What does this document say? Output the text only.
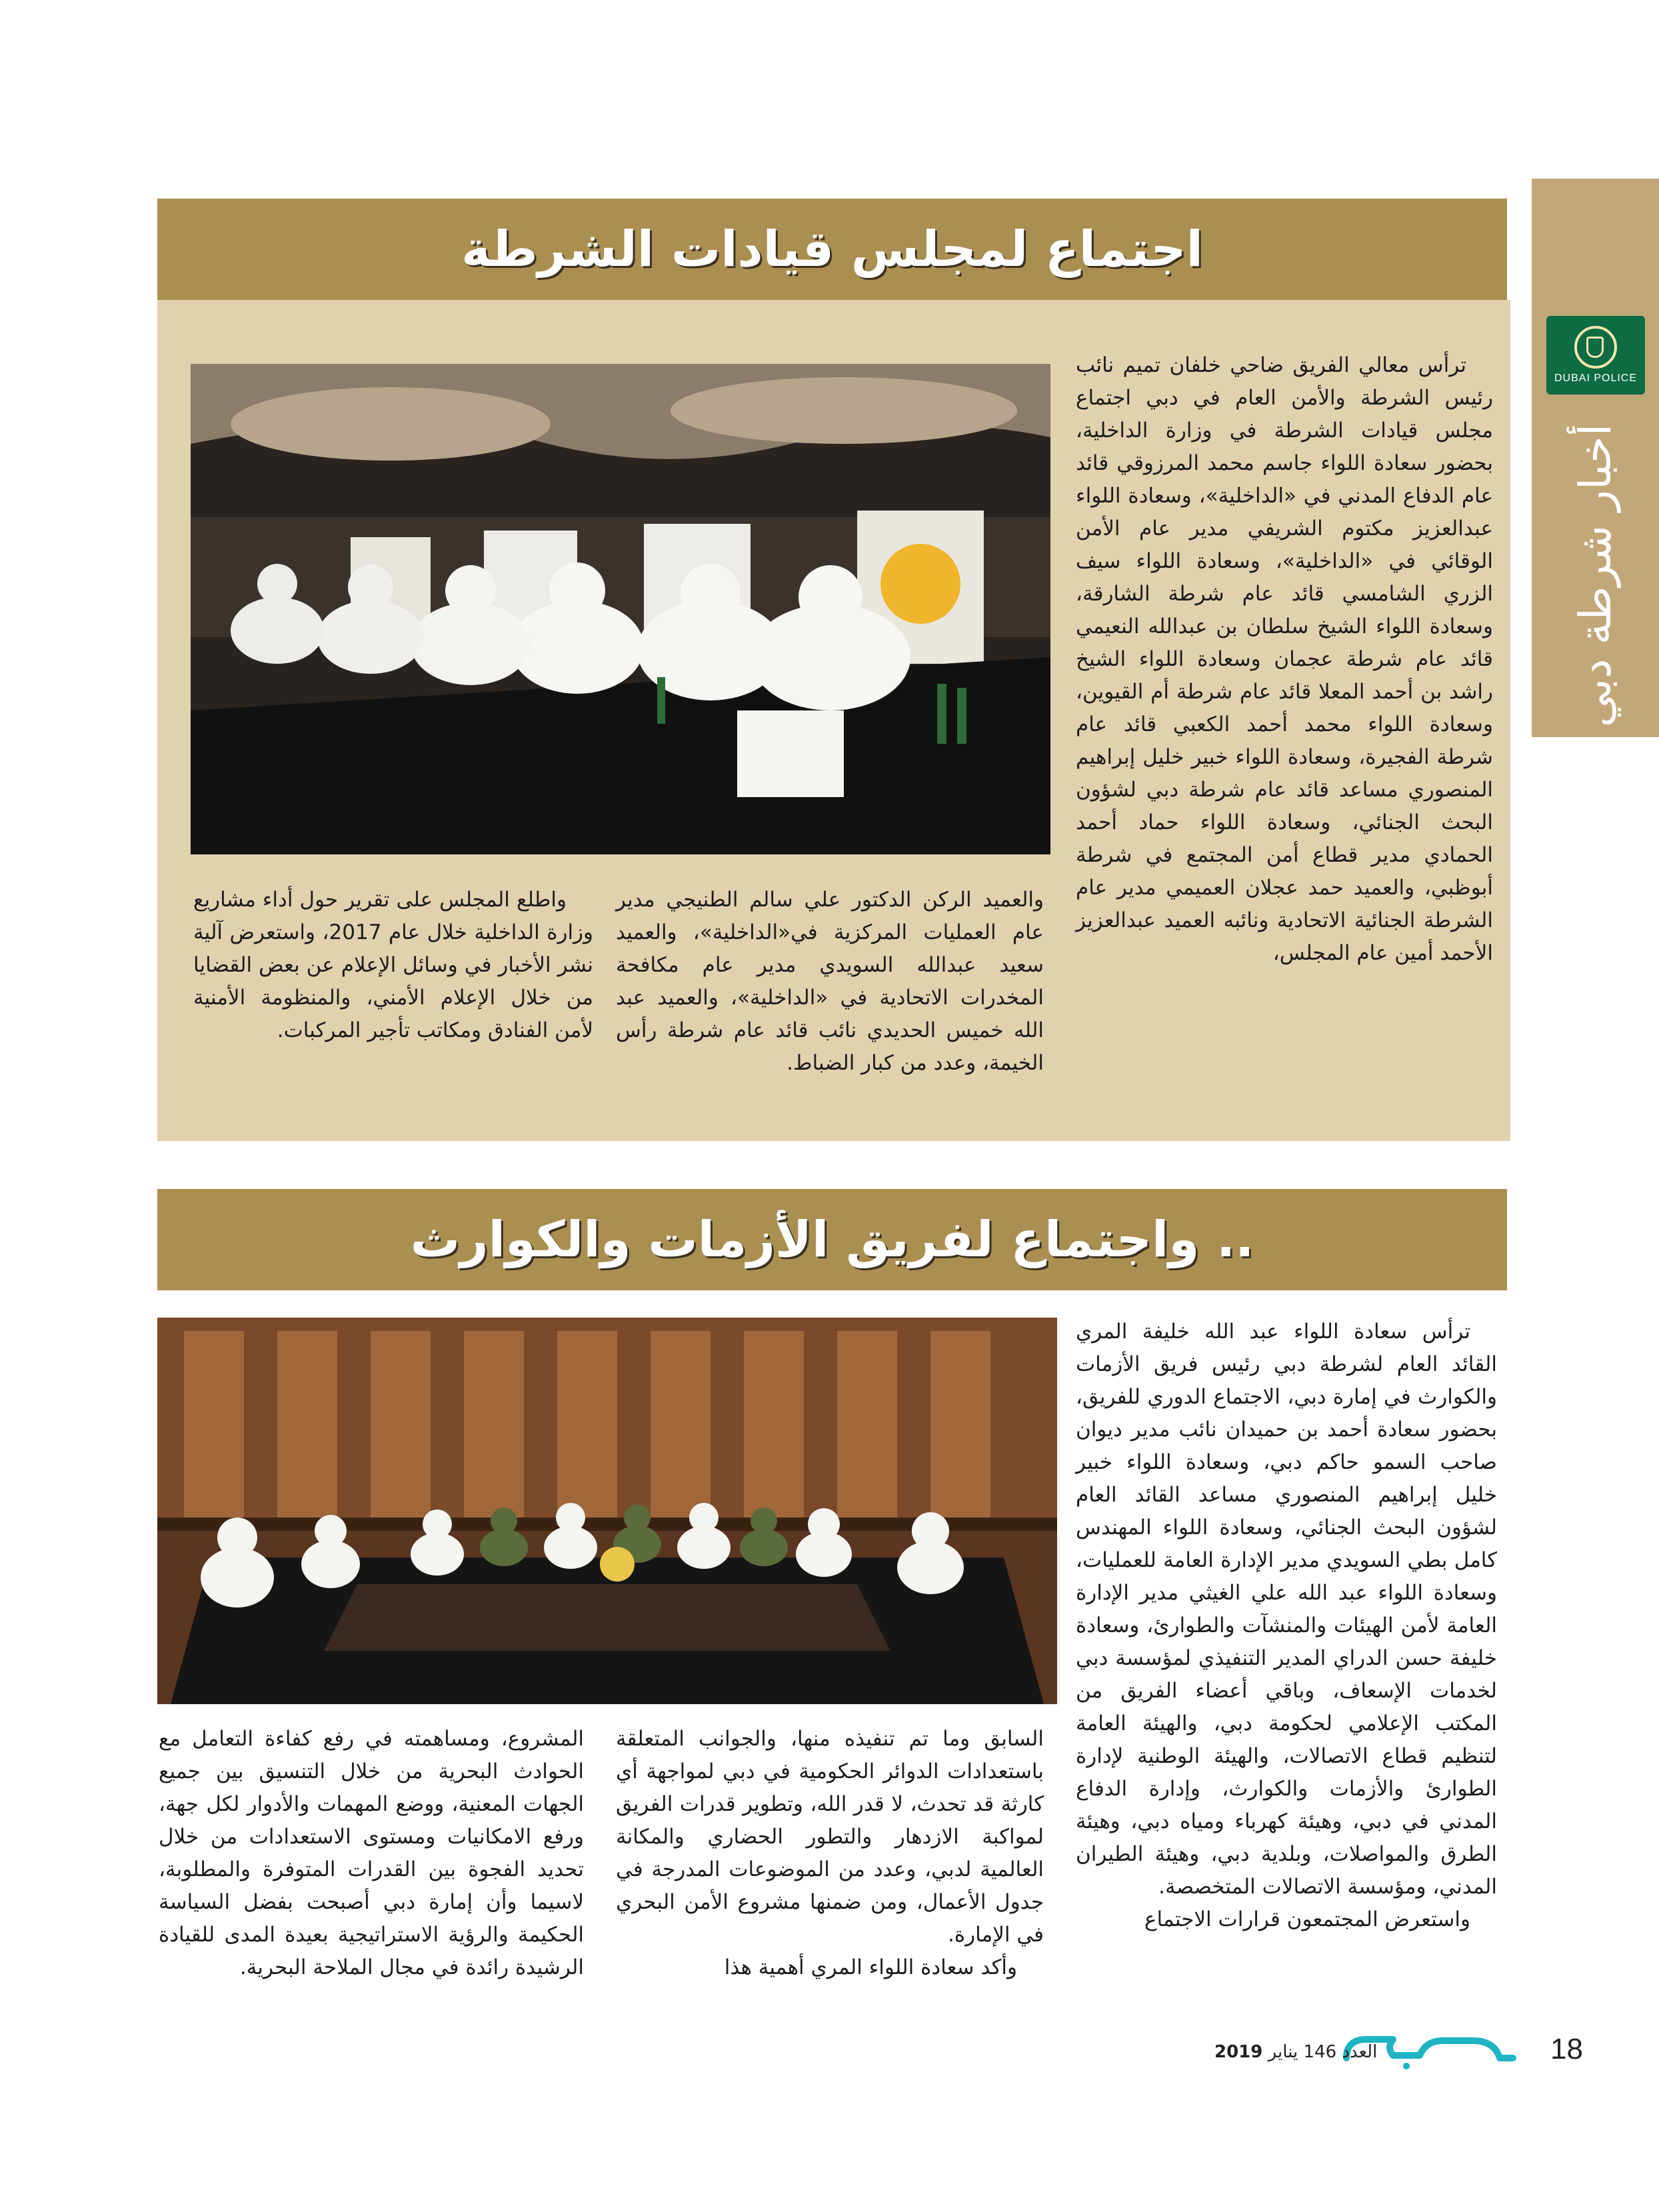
DUBAI POLICE
أخبار شرطة دبي
اجتماع لمجلس قيادات الشرطة

ترأس معالي الفريق ضاحي خلفان تميم نائب رئيس الشرطة والأمن العام في دبي اجتماع مجلس قيادات الشرطة في وزارة الداخلية، بحضور سعادة اللواء جاسم محمد المرزوقي قائد عام الدفاع المدني في «الداخلية»، وسعادة اللواء عبدالعزيز مكتوم الشريفي مدير عام الأمن الوقائي في «الداخلية»، وسعادة اللواء سيف الزري الشامسي قائد عام شرطة الشارقة، وسعادة اللواء الشيخ سلطان بن عبدالله النعيمي قائد عام شرطة عجمان وسعادة اللواء الشيخ راشد بن أحمد المعلا قائد عام شرطة أم القيوين، وسعادة اللواء محمد أحمد الكعبي قائد عام شرطة الفجيرة، وسعادة اللواء خبير خليل إبراهيم المنصوري مساعد قائد عام شرطة دبي لشؤون البحث الجنائي، وسعادة اللواء حماد أحمد الحمادي مدير قطاع أمن المجتمع في شرطة أبوظبي، والعميد حمد عجلان العميمي مدير عام الشرطة الجنائية الاتحادية ونائبه العميد عبدالعزيز الأحمد أمين عام المجلس،

والعميد الركن الدكتور علي سالم الطنيجي مدير عام العمليات المركزية في«الداخلية»، والعميد سعيد عبدالله السويدي مدير عام مكافحة المخدرات الاتحادية في «الداخلية»، والعميد عبد الله خميس الحديدي نائب قائد عام شرطة رأس الخيمة، وعدد من كبار الضباط.

واطلع المجلس على تقرير حول أداء مشاريع وزارة الداخلية خلال عام 2017، واستعرض آلية نشر الأخبار في وسائل الإعلام عن بعض القضايا من خلال الإعلام الأمني، والمنظومة الأمنية لأمن الفنادق ومكاتب تأجير المركبات.

.. واجتماع لفريق الأزمات والكوارث

ترأس سعادة اللواء عبد الله خليفة المري القائد العام لشرطة دبي رئيس فريق الأزمات والكوارث في إمارة دبي، الاجتماع الدوري للفريق، بحضور سعادة أحمد بن حميدان نائب مدير ديوان صاحب السمو حاكم دبي، وسعادة اللواء خبير خليل إبراهيم المنصوري مساعد القائد العام لشؤون البحث الجنائي، وسعادة اللواء المهندس كامل بطي السويدي مدير الإدارة العامة للعمليات، وسعادة اللواء عبد الله علي الغيثي مدير الإدارة العامة لأمن الهيئات والمنشآت والطوارئ، وسعادة خليفة حسن الدراي المدير التنفيذي لمؤسسة دبي لخدمات الإسعاف، وباقي أعضاء الفريق من المكتب الإعلامي لحكومة دبي، والهيئة العامة لتنظيم قطاع الاتصالات، والهيئة الوطنية لإدارة الطوارئ والأزمات والكوارث، وإدارة الدفاع المدني في دبي، وهيئة كهرباء ومياه دبي، وهيئة الطرق والمواصلات، وبلدية دبي، وهيئة الطيران المدني، ومؤسسة الاتصالات المتخصصة.

واستعرض المجتمعون قرارات الاجتماع

السابق وما تم تنفيذه منها، والجوانب المتعلقة باستعدادات الدوائر الحكومية في دبي لمواجهة أي كارثة قد تحدث، لا قدر الله، وتطوير قدرات الفريق لمواكبة الازدهار والتطور الحضاري والمكانة العالمية لدبي، وعدد من الموضوعات المدرجة في جدول الأعمال، ومن ضمنها مشروع الأمن البحري في الإمارة.

وأكد سعادة اللواء المري أهمية هذا

المشروع، ومساهمته في رفع كفاءة التعامل مع الحوادث البحرية من خلال التنسيق بين جميع الجهات المعنية، ووضع المهمات والأدوار لكل جهة، ورفع الامكانيات ومستوى الاستعدادات من خلال تحديد الفجوة بين القدرات المتوفرة والمطلوبة، لاسيما وأن إمارة دبي أصبحت بفضل السياسة الحكيمة والرؤية الاستراتيجية بعيدة المدى للقيادة الرشيدة رائدة في مجال الملاحة البحرية.

18
العدد 146 يناير 2019
